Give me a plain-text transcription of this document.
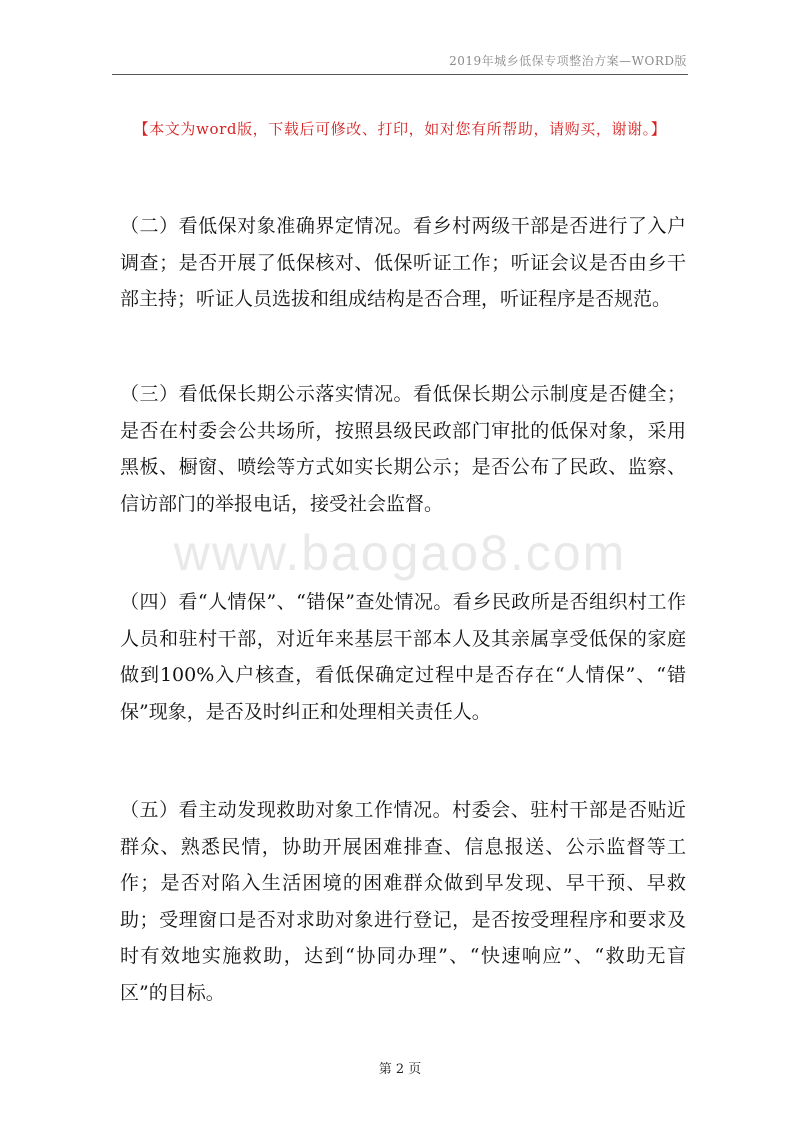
2019年城乡低保专项整治方案—WORD版
【本文为word版，下载后可修改、打印，如对您有所帮助，请购买，谢谢。】

（二）看低保对象准确界定情况。看乡村两级干部是否进行了入户调查；是否开展了低保核对、低保听证工作；听证会议是否由乡干部主持；听证人员选拔和组成结构是否合理，听证程序是否规范。

（三）看低保长期公示落实情况。看低保长期公示制度是否健全；是否在村委会公共场所，按照县级民政部门审批的低保对象，采用黑板、橱窗、喷绘等方式如实长期公示；是否公布了民政、监察、信访部门的举报电话，接受社会监督。

www.baogao8.com

（四）看“人情保”、“错保”查处情况。看乡民政所是否组织村工作人员和驻村干部，对近年来基层干部本人及其亲属享受低保的家庭做到100%入户核查，看低保确定过程中是否存在“人情保”、“错保”现象，是否及时纠正和处理相关责任人。

（五）看主动发现救助对象工作情况。村委会、驻村干部是否贴近群众、熟悉民情，协助开展困难排查、信息报送、公示监督等工作；是否对陷入生活困境的困难群众做到早发现、早干预、早救助；受理窗口是否对求助对象进行登记，是否按受理程序和要求及时有效地实施救助，达到“协同办理”、“快速响应”、“救助无盲区”的目标。

第 2 页
